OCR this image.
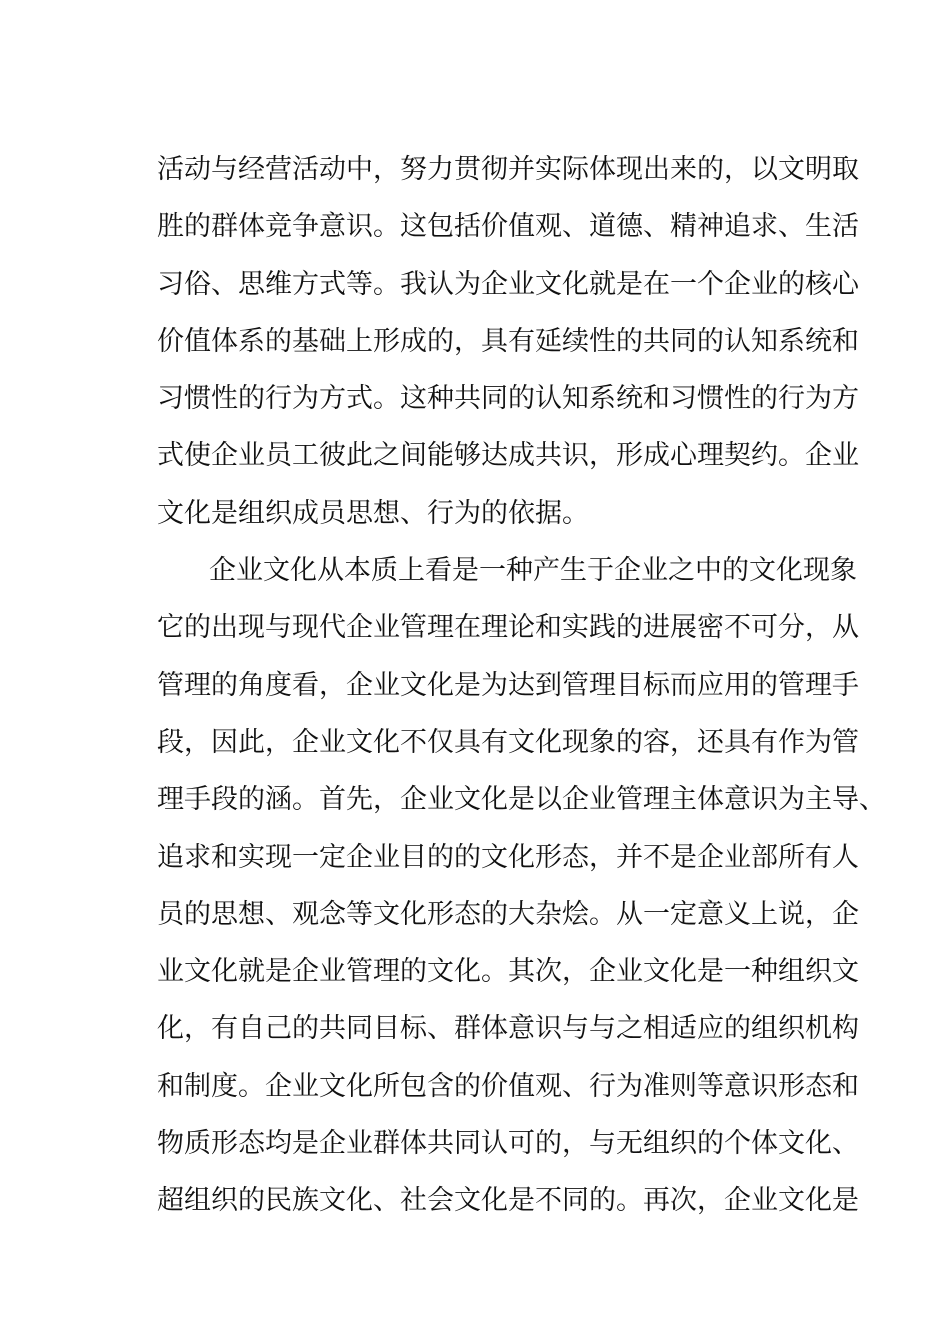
活 动 与 经 营 活 动 中 ， 努 力 贯 彻 并 实 际 体 现 出 来 的 ， 以 文 明 取
胜 的 群 体 竞 争 意 识 。 这 包 括 价 值 观 、 道 德 、 精 神 追 求 、 生 活
习 俗 、 思 维 方 式 等 。 我 认 为 企 业 文 化 就 是 在 一 个 企 业 的 核 心
价 值 体 系 的 基 础 上 形 成 的 ， 具 有 延 续 性 的 共 同 的 认 知 系 统 和
习 惯 性 的 行 为 方 式 。 这 种 共 同 的 认 知 系 统 和 习 惯 性 的 行 为 方
式 使 企 业 员 工 彼 此 之 间 能 够 达 成 共 识 ， 形 成 心 理 契 约 。 企 业
文化是组织成员思想、行为的依据。
企业文化从本质上看是一种产生于企业之中的文化现象
它 的 出 现 与 现 代 企 业 管 理 在 理 论 和 实 践 的 进 展 密 不 可 分 ， 从
管 理 的 角 度 看 ， 企 业 文 化 是 为 达 到 管 理 目 标 而 应 用 的 管 理 手
段 ， 因 此 ， 企 业 文 化 不 仅 具 有 文 化 现 象 的 容 ， 还 具 有 作 为 管
理 手 段 的 涵 。 首 先 ， 企 业 文 化 是 以 企 业 管 理 主 体 意 识 为 主 导 、
追 求 和 实 现 一 定 企 业 目 的 的 文 化 形 态 ， 并 不 是 企 业 部 所 有 人
员 的 思 想 、 观 念 等 文 化 形 态 的 大 杂 烩 。 从 一 定 意 义 上 说 ， 企
业 文 化 就 是 企 业 管 理 的 文 化 。 其 次 ， 企 业 文 化 是 一 种 组 织 文
化 ， 有 自 己 的 共 同 目 标 、 群 体 意 识 与 与 之 相 适 应 的 组 织 机 构
和 制 度 。 企 业 文 化 所 包 含 的 价 值 观 、 行 为 准 则 等 意 识 形 态 和
物 质 形 态 均 是 企 业 群 体 共 同 认 可 的 ， 与 无 组 织 的 个 体 文 化 、
超 组 织 的 民 族 文 化 、 社 会 文 化 是 不 同 的 。 再 次 ， 企 业 文 化 是
